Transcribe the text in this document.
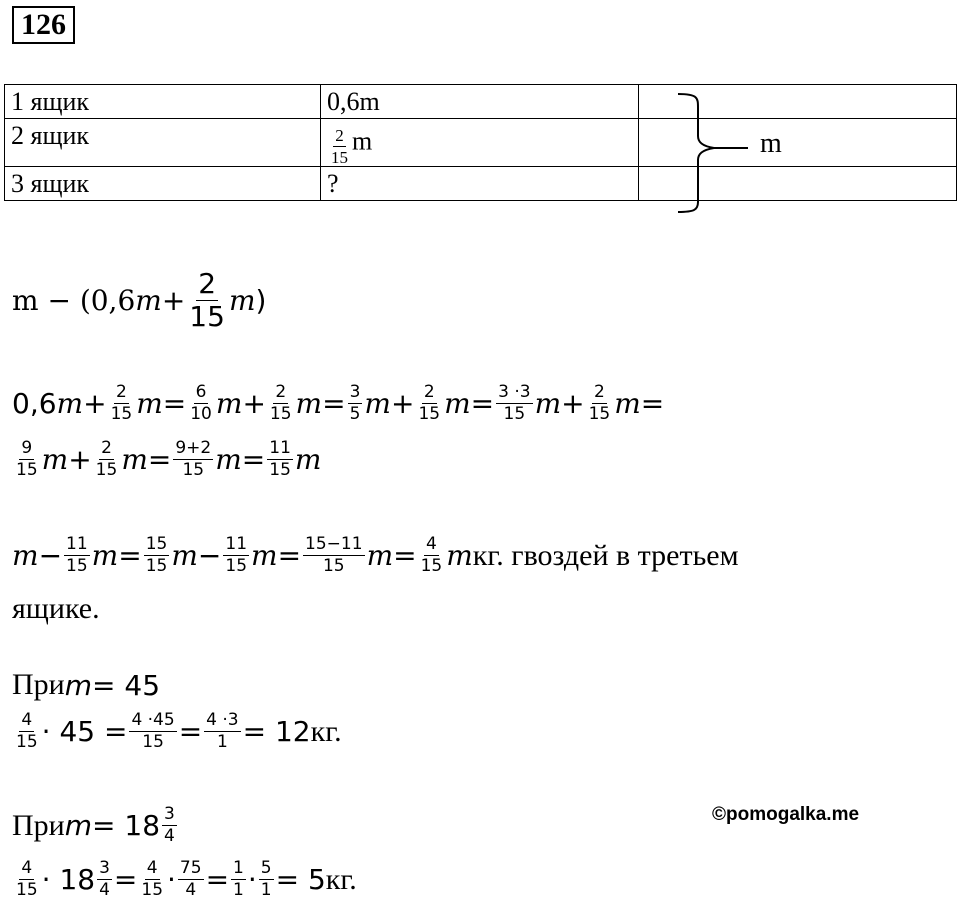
126
1 ящик	0,6m	
2 ящик	$\frac{2}{15}$ m	
3 ящик	?	
m
m − (0,6 $m + \frac{2}{15}$ m )
0,6 $m + \frac{2}{15}$ $m = \frac{6}{10}$ $m + \frac{2}{15}$ $m = \frac{3}{5}$ $m + \frac{2}{15}$ $m = \frac{3 \cdot 3}{15}$ $m + \frac{2}{15}$ m =
$\frac{9}{15}$ $m + \frac{2}{15}$ $m = \frac{9+2}{15}$ $m = \frac{11}{15}$ m
$m - \frac{11}{15}$ $m = \frac{15}{15}$ $m - \frac{11}{15}$ $m = \frac{15-11}{15}$ $m = \frac{4}{15}$ m кг. гвоздей в третьем
ящике.
При m = 45
$\frac{4}{15} \cdot 45 = \frac{4 \cdot 45}{15} = \frac{4 \cdot 3}{1} = 12$ кг.
©pomogalka.me
При $m = 18 \frac{3}{4}$
$\frac{4}{15} \cdot 18 \frac{3}{4} = \frac{4}{15} \cdot \frac{75}{4} = \frac{1}{1} \cdot \frac{5}{1} = 5$ кг.
